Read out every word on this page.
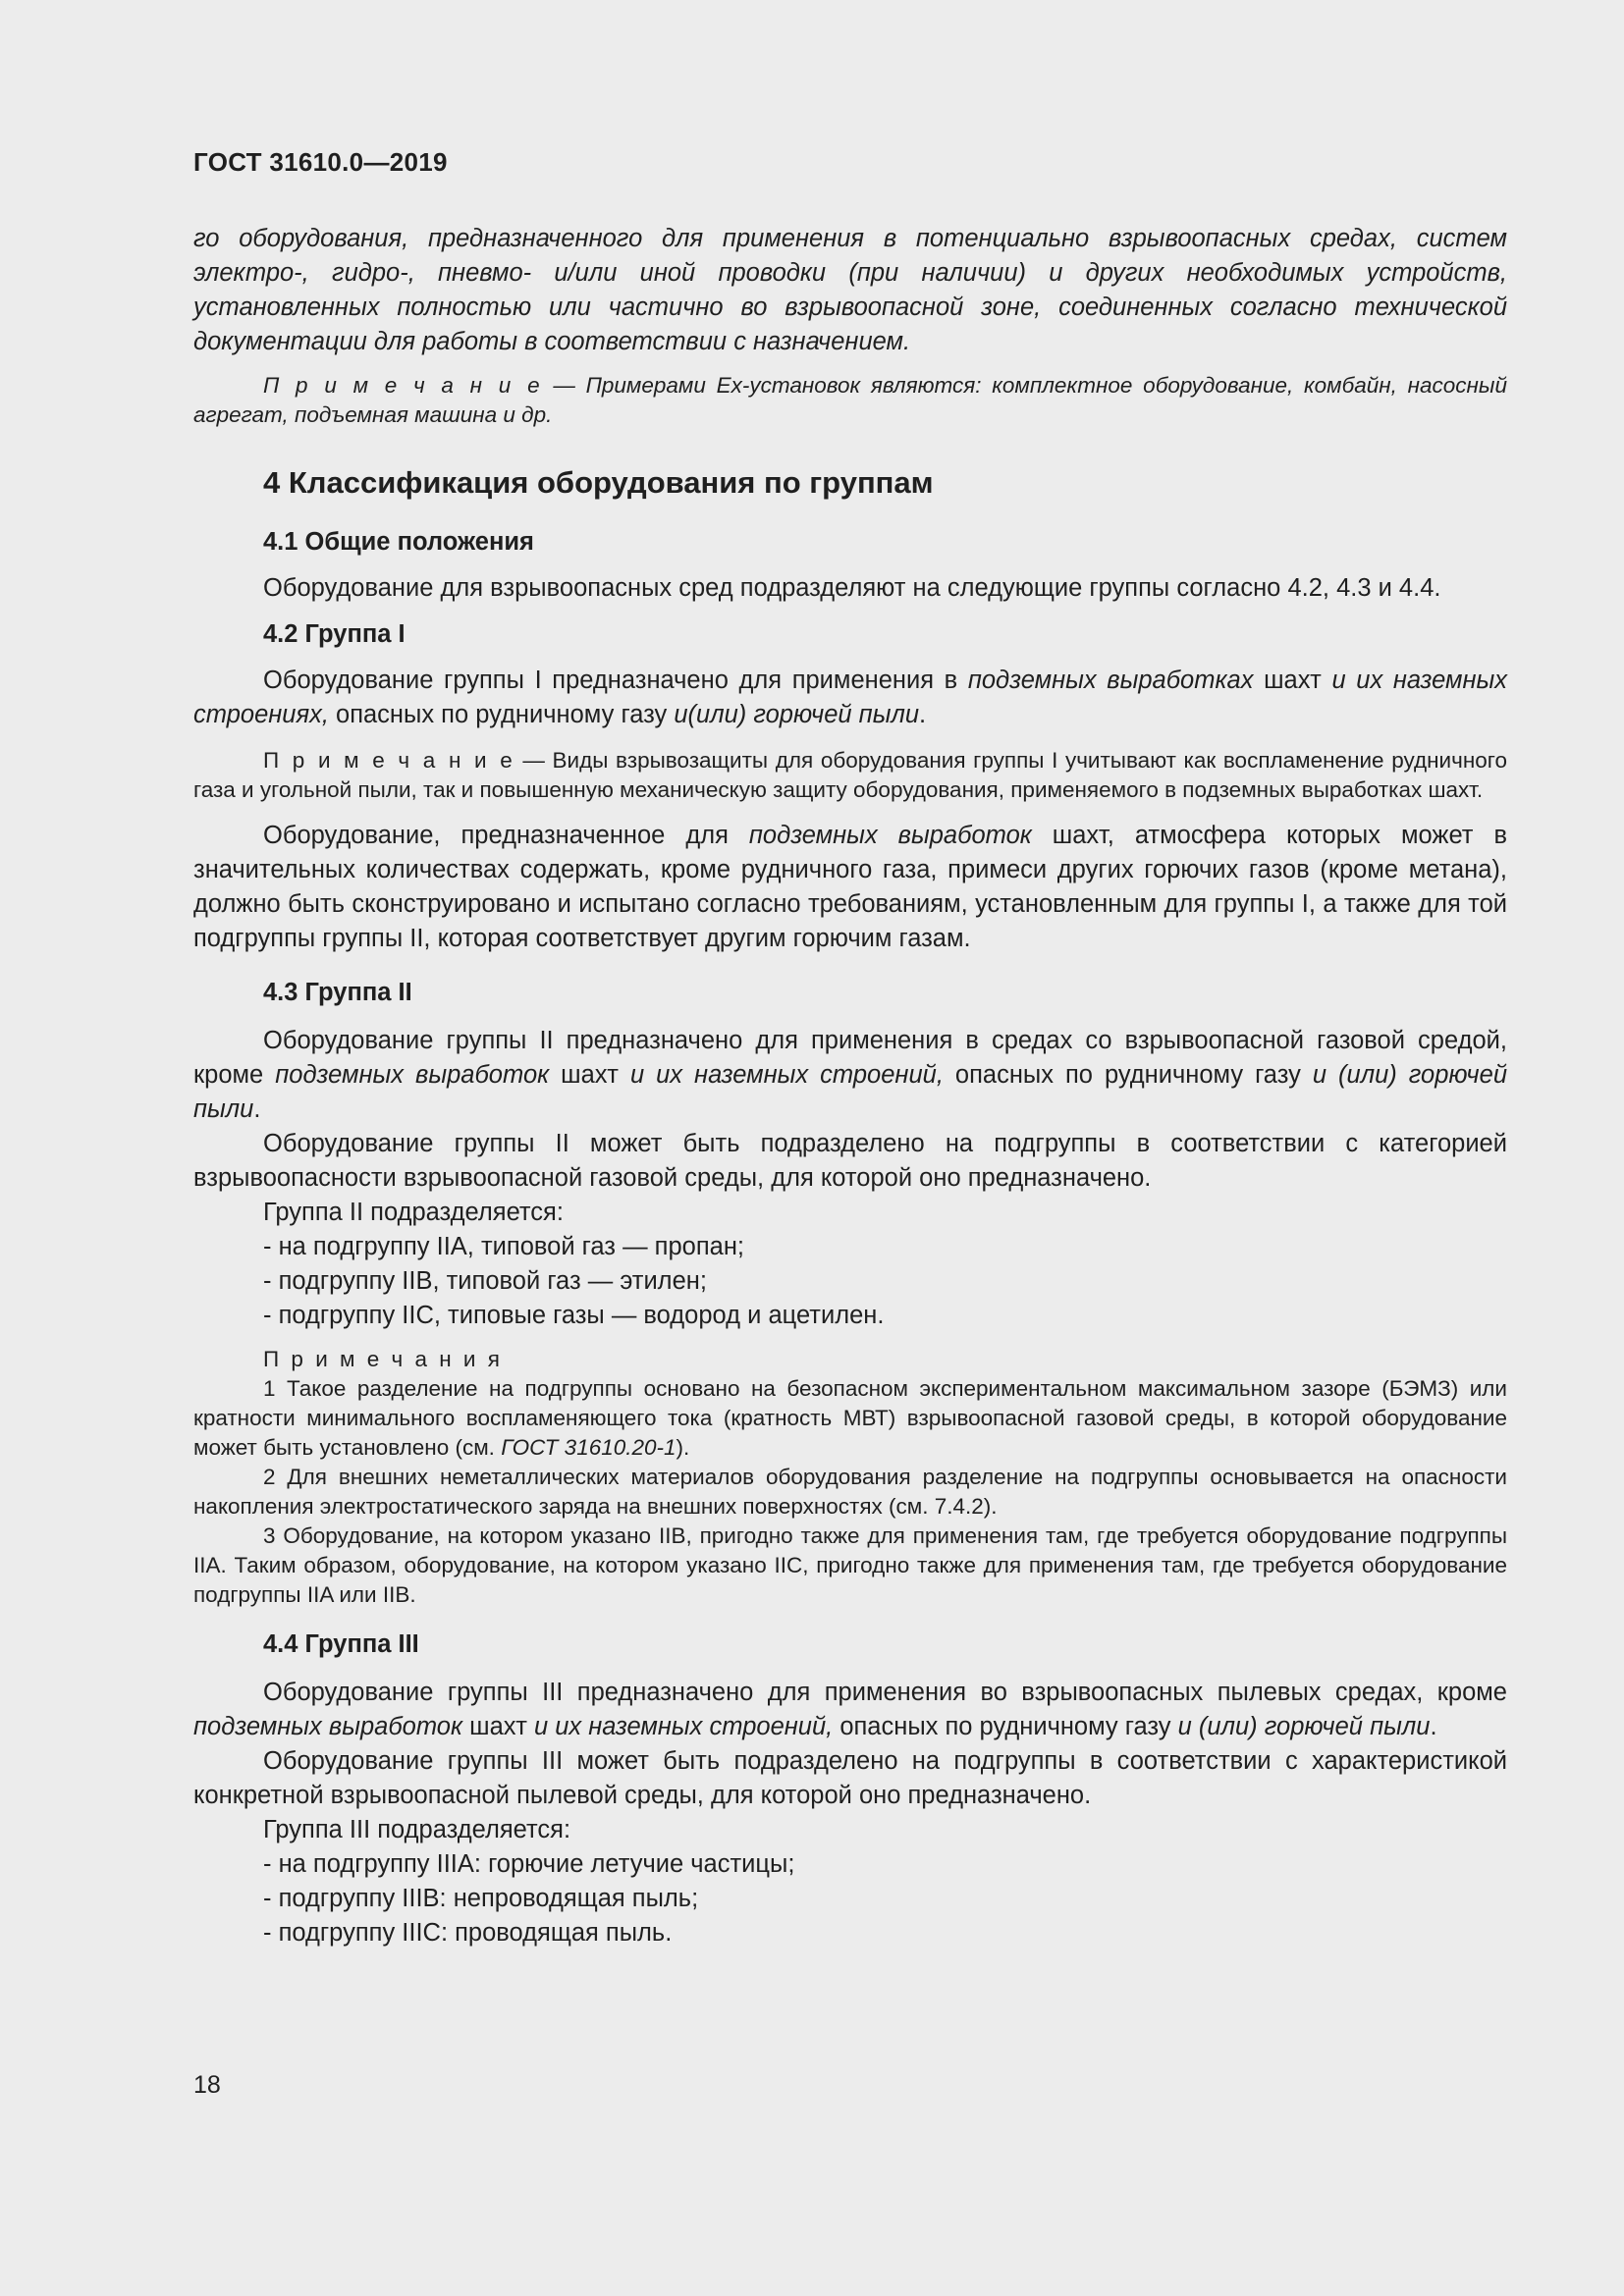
ГОСТ 31610.0—2019

го оборудования, предназначенного для применения в потенциально взрывоопасных средах, систем электро-, гидро-, пневмо- и/или иной проводки (при наличии) и других необходимых устройств, установленных полностью или частично во взрывоопасной зоне, соединенных согласно технической документации для работы в соответствии с назначением.

П р и м е ч а н и е — Примерами Ех-установок являются: комплектное оборудование, комбайн, насосный агрегат, подъемная машина и др.

4 Классификация оборудования по группам
4.1 Общие положения

Оборудование для взрывоопасных сред подразделяют на следующие группы согласно 4.2, 4.3 и 4.4.

4.2 Группа I

Оборудование группы I предназначено для применения в подземных выработках шахт и их наземных строениях, опасных по рудничному газу и(или) горючей пыли.

П р и м е ч а н и е — Виды взрывозащиты для оборудования группы I учитывают как воспламенение рудничного газа и угольной пыли, так и повышенную механическую защиту оборудования, применяемого в подземных выработках шахт.

Оборудование, предназначенное для подземных выработок шахт, атмосфера которых может в значительных количествах содержать, кроме рудничного газа, примеси других горючих газов (кроме метана), должно быть сконструировано и испытано согласно требованиям, установленным для группы I, а также для той подгруппы группы II, которая соответствует другим горючим газам.

4.3 Группа II

Оборудование группы II предназначено для применения в средах со взрывоопасной газовой средой, кроме подземных выработок шахт и их наземных строений, опасных по рудничному газу и (или) горючей пыли.

Оборудование группы II может быть подразделено на подгруппы в соответствии с категорией взрывоопасности взрывоопасной газовой среды, для которой оно предназначено.

Группа II подразделяется:

- на подгруппу IIA, типовой газ — пропан;

- подгруппу IIB, типовой газ — этилен;

- подгруппу IIC, типовые газы — водород и ацетилен.

П р и м е ч а н и я

1 Такое разделение на подгруппы основано на безопасном экспериментальном максимальном зазоре (БЭМЗ) или кратности минимального воспламеняющего тока (кратность МВТ) взрывоопасной газовой среды, в которой оборудование может быть установлено (см. ГОСТ 31610.20-1).

2 Для внешних неметаллических материалов оборудования разделение на подгруппы основывается на опасности накопления электростатического заряда на внешних поверхностях (см. 7.4.2).

3 Оборудование, на котором указано IIB, пригодно также для применения там, где требуется оборудование подгруппы IIA. Таким образом, оборудование, на котором указано IIC, пригодно также для применения там, где требуется оборудование подгруппы IIA или IIB.

4.4 Группа III

Оборудование группы III предназначено для применения во взрывоопасных пылевых средах, кроме подземных выработок шахт и их наземных строений, опасных по рудничному газу и (или) горючей пыли.

Оборудование группы III может быть подразделено на подгруппы в соответствии с характеристикой конкретной взрывоопасной пылевой среды, для которой оно предназначено.

Группа III подразделяется:

- на подгруппу IIIA: горючие летучие частицы;

- подгруппу IIIB: непроводящая пыль;

- подгруппу IIIC: проводящая пыль.

18
